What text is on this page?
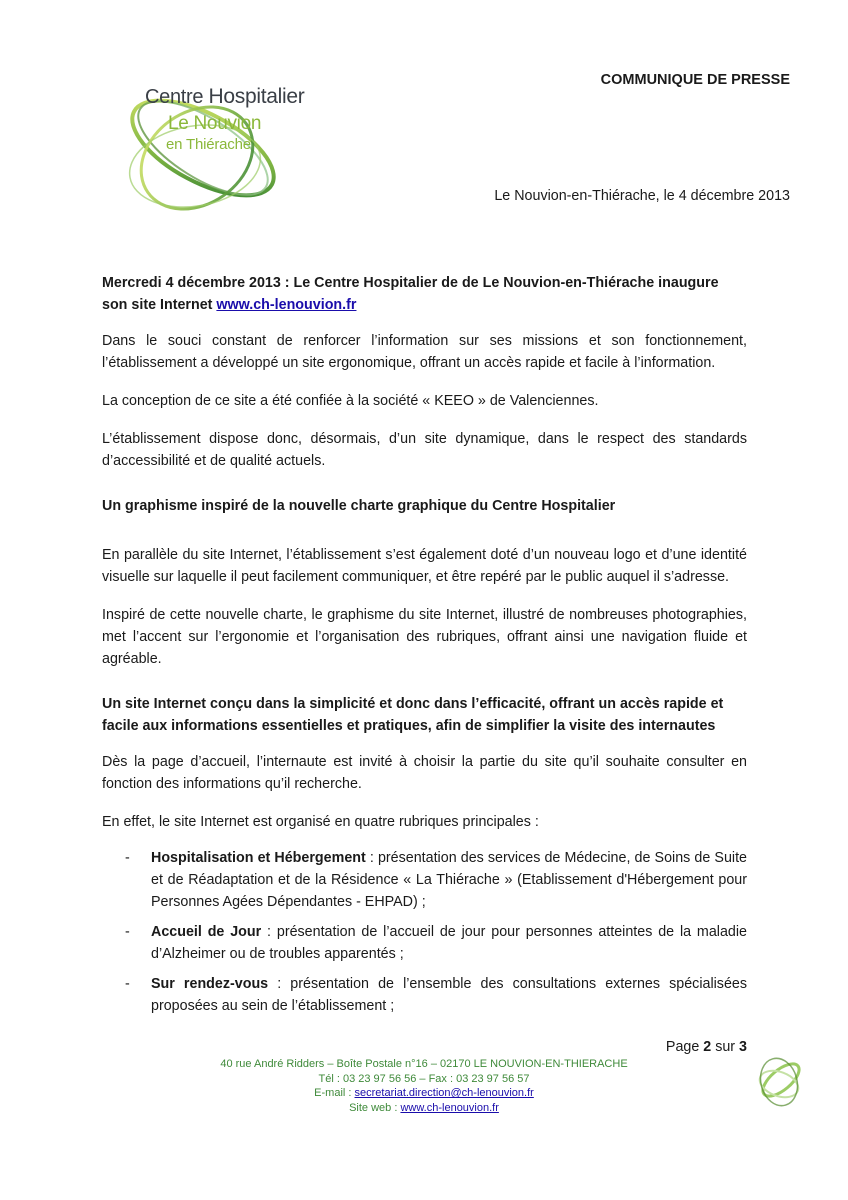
Centre Hospitalier
Le Nouvion
en Thiérache
COMMUNIQUE DE PRESSE
Le Nouvion-en-Thiérache, le 4 décembre 2013

Mercredi 4 décembre 2013 : Le Centre Hospitalier de de Le Nouvion-en-Thiérache inaugure son site Internet www.ch-lenouvion.fr

Dans le souci constant de renforcer l’information sur ses missions et son fonctionnement, l’établissement a développé un site ergonomique, offrant un accès rapide et facile à l’information.

La conception de ce site a été confiée à la société « KEEO » de Valenciennes.

L’établissement dispose donc, désormais, d’un site dynamique, dans le respect des standards d’accessibilité et de qualité actuels.

Un graphisme inspiré de la nouvelle charte graphique du Centre Hospitalier

En parallèle du site Internet, l’établissement s’est également doté d’un nouveau logo et d’une identité visuelle sur laquelle il peut facilement communiquer, et être repéré par le public auquel il s’adresse.

Inspiré de cette nouvelle charte, le graphisme du site Internet, illustré de nombreuses photographies, met l’accent sur l’ergonomie et l’organisation des rubriques, offrant ainsi une navigation fluide et agréable.

Un site Internet conçu dans la simplicité et donc dans l’efficacité, offrant un accès rapide et facile aux informations essentielles et pratiques, afin de simplifier la visite des internautes

Dès la page d’accueil, l’internaute est invité à choisir la partie du site qu’il souhaite consulter en fonction des informations qu’il recherche.

En effet, le site Internet est organisé en quatre rubriques principales :

- Hospitalisation et Hébergement : présentation des services de Médecine, de Soins de Suite et de Réadaptation et de la Résidence « La Thiérache » (Etablissement d'Hébergement pour Personnes Agées Dépendantes - EHPAD) ;
- Accueil de Jour : présentation de l’accueil de jour pour personnes atteintes de la maladie d’Alzheimer ou de troubles apparentés ;
- Sur rendez-vous : présentation de l’ensemble des consultations externes spécialisées proposées au sein de l’établissement ;
Page 2 sur 3
40 rue André Ridders – Boîte Postale n°16 – 02170 LE NOUVION-EN-THIERACHE
Tél : 03 23 97 56 56 – Fax : 03 23 97 56 57
E-mail : secretariat.direction@ch-lenouvion.fr
Site web : www.ch-lenouvion.fr
